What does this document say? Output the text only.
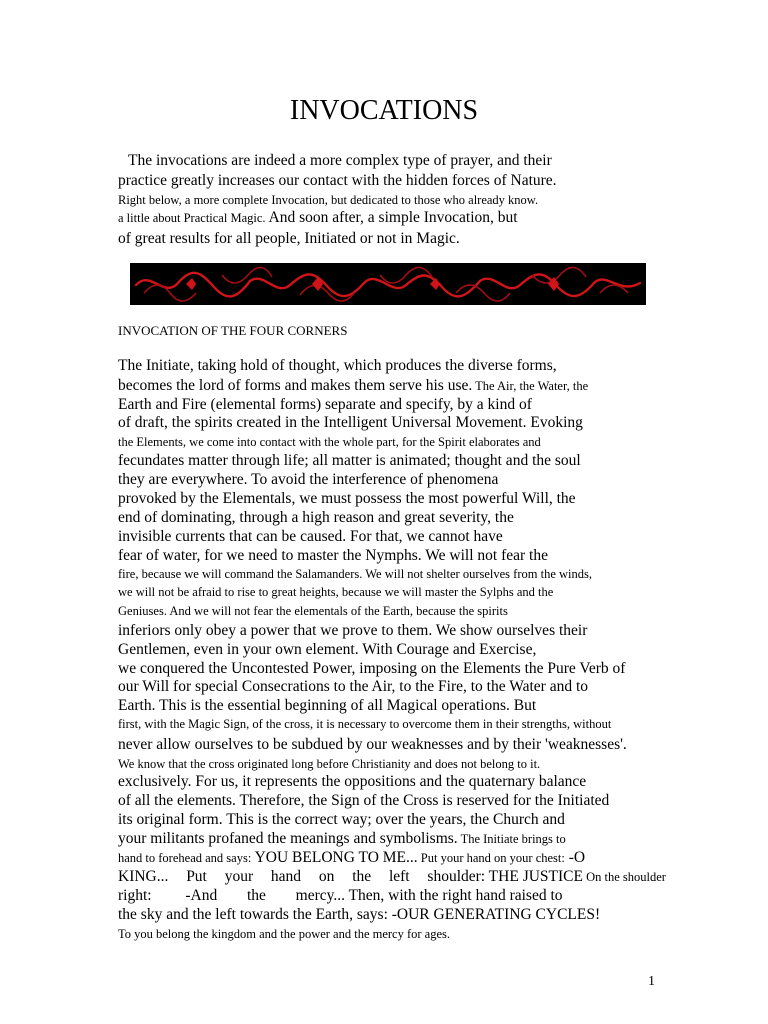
INVOCATIONS
The invocations are indeed a more complex type of prayer, and their
practice greatly increases our contact with the hidden forces of Nature.
Right below, a more complete Invocation, but dedicated to those who already know.
a little about Practical Magic. And soon after, a simple Invocation, but
of great results for all people, Initiated or not in Magic.
INVOCATION OF THE FOUR CORNERS
The Initiate, taking hold of thought, which produces the diverse forms,
becomes the lord of forms and makes them serve his use. The Air, the Water, the
Earth and Fire (elemental forms) separate and specify, by a kind of
of draft, the spirits created in the Intelligent Universal Movement. Evoking
the Elements, we come into contact with the whole part, for the Spirit elaborates and
fecundates matter through life; all matter is animated; thought and the soul
they are everywhere. To avoid the interference of phenomena
provoked by the Elementals, we must possess the most powerful Will, the
end of dominating, through a high reason and great severity, the
invisible currents that can be caused. For that, we cannot have
fear of water, for we need to master the Nymphs. We will not fear the
fire, because we will command the Salamanders. We will not shelter ourselves from the winds,
we will not be afraid to rise to great heights, because we will master the Sylphs and the
Geniuses. And we will not fear the elementals of the Earth, because the spirits
inferiors only obey a power that we prove to them. We show ourselves their
Gentlemen, even in your own element. With Courage and Exercise,
we conquered the Uncontested Power, imposing on the Elements the Pure Verb of
our Will for special Consecrations to the Air, to the Fire, to the Water and to
Earth. This is the essential beginning of all Magical operations. But
first, with the Magic Sign, of the cross, it is necessary to overcome them in their strengths, without
never allow ourselves to be subdued by our weaknesses and by their 'weaknesses'.
We know that the cross originated long before Christianity and does not belong to it.
exclusively. For us, it represents the oppositions and the quaternary balance
of all the elements. Therefore, the Sign of the Cross is reserved for the Initiated
its original form. This is the correct way; over the years, the Church and
your militants profaned the meanings and symbolisms. The Initiate brings to
hand to forehead and says: YOU BELONG TO ME... Put your hand on your chest: -O
KING... Put your hand on the left shoulder: THE JUSTICE On the shoulder
right: -And the mercy... Then, with the right hand raised to
the sky and the left towards the Earth, says: -OUR GENERATING CYCLES!
To you belong the kingdom and the power and the mercy for ages.
1
